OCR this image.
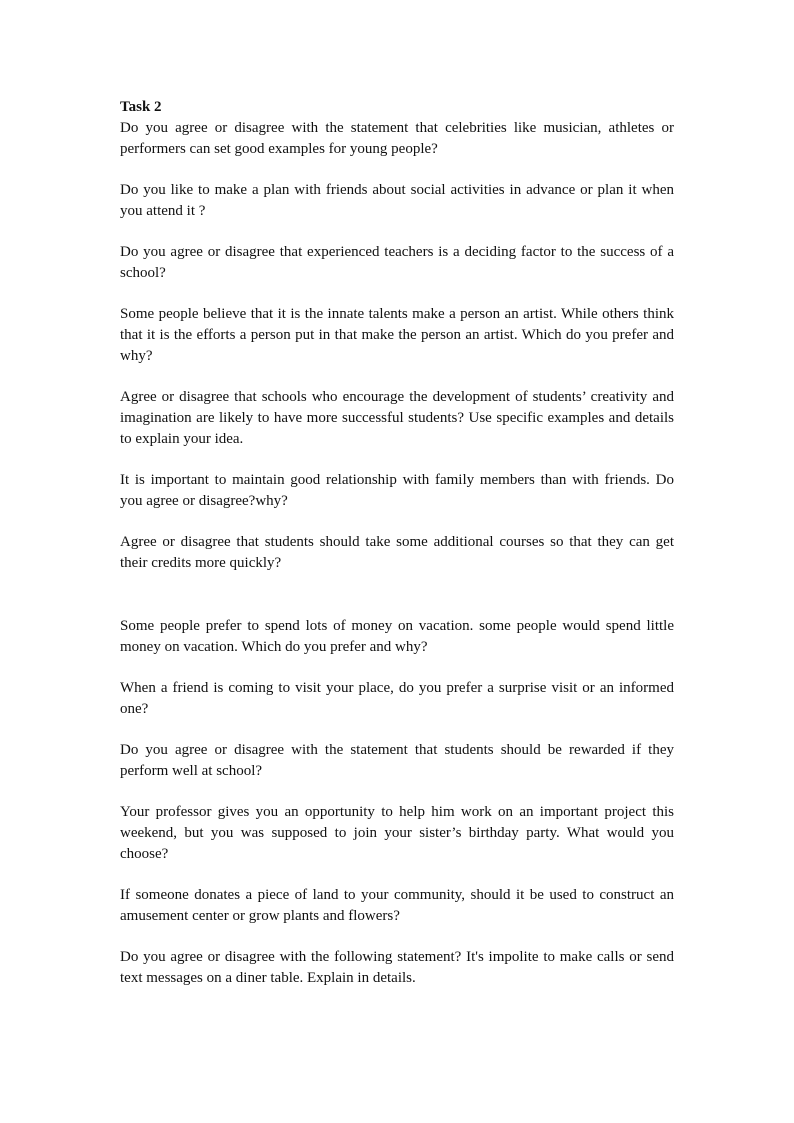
Task 2

Do you agree or disagree with the statement that celebrities like musician, athletes or performers can set good examples for young people?

Do you like to make a plan with friends about social activities in advance or plan it when you attend it ?

Do you agree or disagree that experienced teachers is a deciding factor to the success of a school?

Some people believe that it is the innate talents make a person an artist. While others think that it is the efforts a person put in that make the person an artist. Which do you prefer and why?

Agree or disagree that schools who encourage the development of students’ creativity and imagination are likely to have more successful students? Use specific examples and details to explain your idea.

It is important to maintain good relationship with family members than with friends. Do you agree or disagree?why?

Agree or disagree that students should take some additional courses so that they can get their credits more quickly?

Some people prefer to spend lots of money on vacation. some people would spend little money on vacation. Which do you prefer and why?

When a friend is coming to visit your place, do you prefer a surprise visit or an informed one?

Do you agree or disagree with the statement that students should be rewarded if they perform well at school?

Your professor gives you an opportunity to help him work on an important project this weekend, but you was supposed to join your sister’s birthday party. What would you choose?

If someone donates a piece of land to your community, should it be used to construct an amusement center or grow plants and flowers?

Do you agree or disagree with the following statement? It's impolite to make calls or send text messages on a diner table. Explain in details.
